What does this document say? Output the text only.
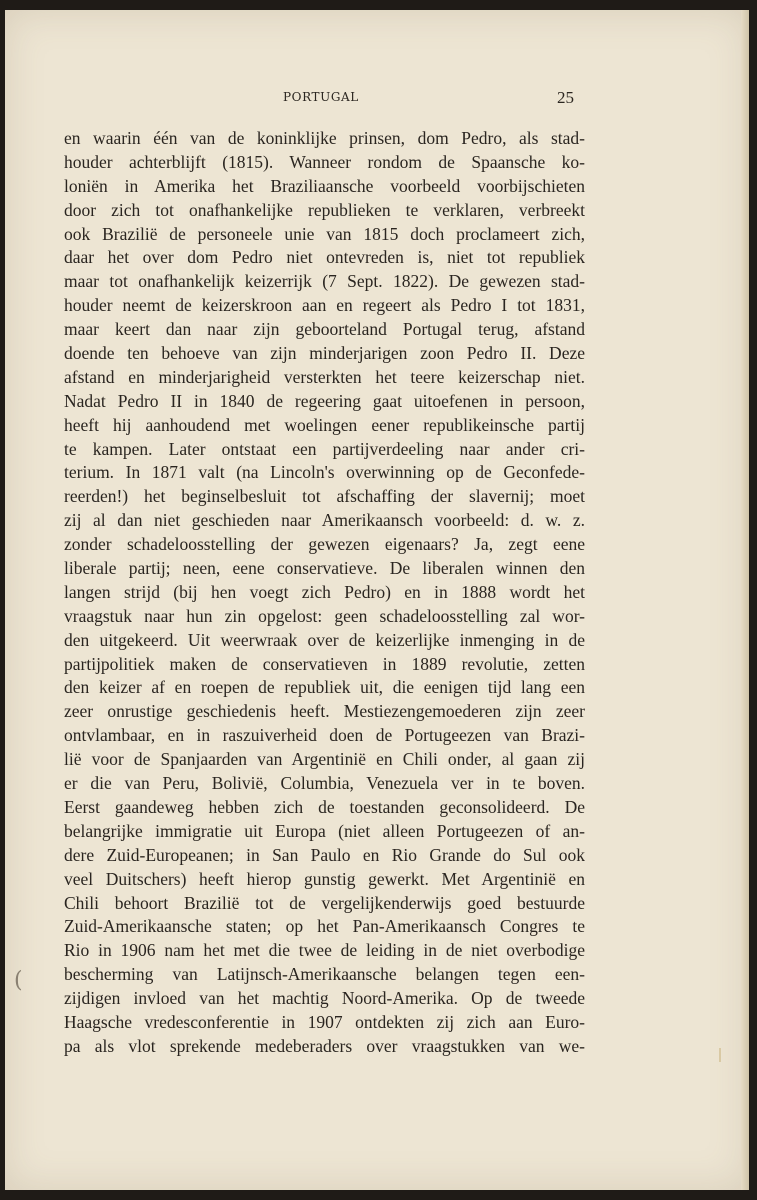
PORTUGAL	25
en waarin één van de koninklijke prinsen, dom Pedro, als stad-
houder achterblijft (1815). Wanneer rondom de Spaansche ko-
loniën in Amerika het Braziliaansche voorbeeld voorbijschieten
door zich tot onafhankelijke republieken te verklaren, verbreekt
ook Brazilië de personeele unie van 1815 doch proclameert zich,
daar het over dom Pedro niet ontevreden is, niet tot republiek
maar tot onafhankelijk keizerrijk (7 Sept. 1822). De gewezen stad-
houder neemt de keizerskroon aan en regeert als Pedro I tot 1831,
maar keert dan naar zijn geboorteland Portugal terug, afstand
doende ten behoeve van zijn minderjarigen zoon Pedro II. Deze
afstand en minderjarigheid versterkten het teere keizerschap niet.
Nadat Pedro II in 1840 de regeering gaat uitoefenen in persoon,
heeft hij aanhoudend met woelingen eener republikeinsche partij
te kampen. Later ontstaat een partijverdeeling naar ander cri-
terium. In 1871 valt (na Lincoln's overwinning op de Geconfede-
reerden!) het beginselbesluit tot afschaffing der slavernij; moet
zij al dan niet geschieden naar Amerikaansch voorbeeld: d. w. z.
zonder schadeloosstelling der gewezen eigenaars? Ja, zegt eene
liberale partij; neen, eene conservatieve. De liberalen winnen den
langen strijd (bij hen voegt zich Pedro) en in 1888 wordt het
vraagstuk naar hun zin opgelost: geen schadeloosstelling zal wor-
den uitgekeerd. Uit weerwraak over de keizerlijke inmenging in de
partijpolitiek maken de conservatieven in 1889 revolutie, zetten
den keizer af en roepen de republiek uit, die eenigen tijd lang een
zeer onrustige geschiedenis heeft. Mestiezengemoederen zijn zeer
ontvlambaar, en in raszuiverheid doen de Portugeezen van Brazi-
lië voor de Spanjaarden van Argentinië en Chili onder, al gaan zij
er die van Peru, Bolivië, Columbia, Venezuela ver in te boven.
Eerst gaandeweg hebben zich de toestanden geconsolideerd. De
belangrijke immigratie uit Europa (niet alleen Portugeezen of an-
dere Zuid-Europeanen; in San Paulo en Rio Grande do Sul ook
veel Duitschers) heeft hierop gunstig gewerkt. Met Argentinië en
Chili behoort Brazilië tot de vergelijkenderwijs goed bestuurde
Zuid-Amerikaansche staten; op het Pan-Amerikaansch Congres te
Rio in 1906 nam het met die twee de leiding in de niet overbodige
bescherming van Latijnsch-Amerikaansche belangen tegen een-
zijdigen invloed van het machtig Noord-Amerika. Op de tweede
Haagsche vredesconferentie in 1907 ontdekten zij zich aan Euro-
pa als vlot sprekende medeberaders over vraagstukken van we-
(
